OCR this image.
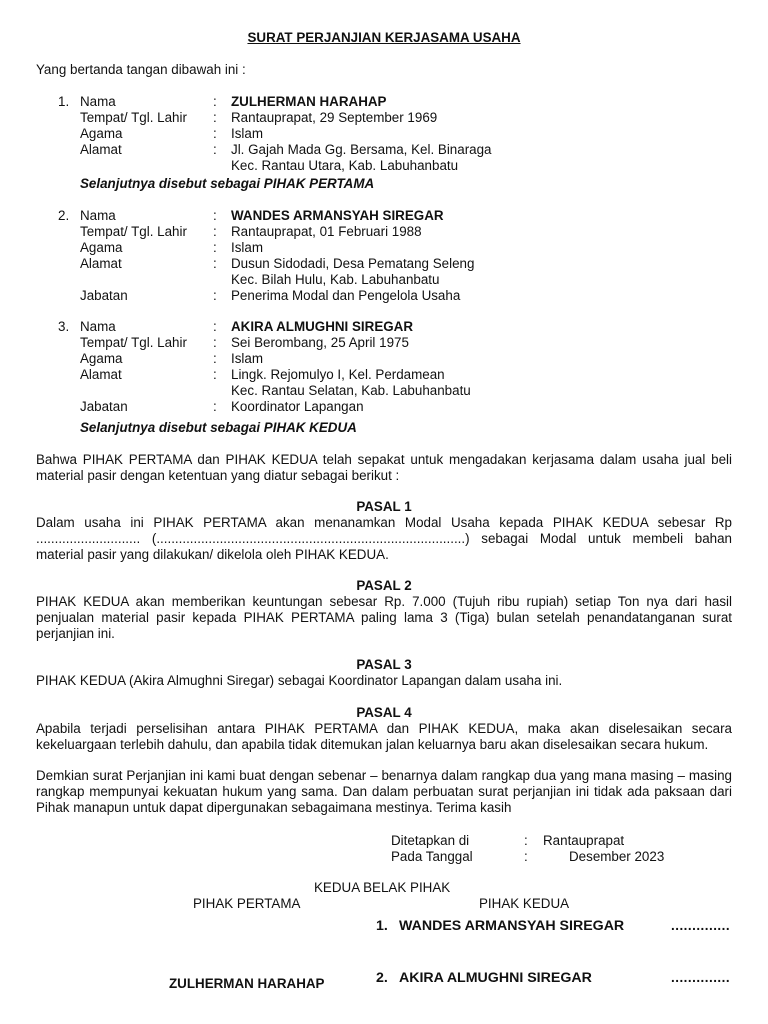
SURAT PERJANJIAN KERJASAMA USAHA
Yang bertanda tangan dibawah ini :
1. Nama	:	ZULHERMAN HARAHAP
Tempat/ Tgl. Lahir :	Rantauprapat, 29 September 1969
Agama	:	Islam
Alamat	:	Jl. Gajah Mada Gg. Bersama, Kel. Binaraga
Kec. Rantau Utara, Kab. Labuhanbatu
Selanjutnya disebut sebagai PIHAK PERTAMA
2. Nama	:	WANDES ARMANSYAH SIREGAR
Tempat/ Tgl. Lahir :	Rantauprapat, 01 Februari 1988
Agama	:	Islam
Alamat	:	Dusun Sidodadi, Desa Pematang Seleng
Kec. Bilah Hulu, Kab. Labuhanbatu
Jabatan	:	Penerima Modal dan Pengelola Usaha
3. Nama	:	AKIRA ALMUGHNI SIREGAR
Tempat/ Tgl. Lahir :	Sei Berombang, 25 April 1975
Agama	:	Islam
Alamat	:	Lingk. Rejomulyo I, Kel. Perdamean
Kec. Rantau Selatan, Kab. Labuhanbatu
Jabatan	:	Koordinator Lapangan
Selanjutnya disebut sebagai PIHAK KEDUA
Bahwa PIHAK PERTAMA dan PIHAK KEDUA telah sepakat untuk mengadakan kerjasama dalam usaha jual beli material pasir dengan ketentuan yang diatur sebagai berikut :
PASAL 1
Dalam usaha ini PIHAK PERTAMA akan menanamkan Modal Usaha kepada PIHAK KEDUA sebesar Rp ............................ (...................................................................................) sebagai Modal untuk membeli bahan material pasir yang dilakukan/ dikelola oleh PIHAK KEDUA.
PASAL 2
PIHAK KEDUA akan memberikan keuntungan sebesar Rp. 7.000 (Tujuh ribu rupiah) setiap Ton nya dari hasil penjualan material pasir kepada PIHAK PERTAMA paling lama 3 (Tiga) bulan setelah penandatanganan surat perjanjian ini.
PASAL 3
PIHAK KEDUA (Akira Almughni Siregar) sebagai Koordinator Lapangan dalam usaha ini.
PASAL 4
Apabila terjadi perselisihan antara PIHAK PERTAMA dan PIHAK KEDUA, maka akan diselesaikan secara kekeluargaan terlebih dahulu, dan apabila tidak ditemukan jalan keluarnya baru akan diselesaikan secara hukum.
Demkian surat Perjanjian ini kami buat dengan sebenar – benarnya dalam rangkap dua yang mana masing – masing rangkap mempunyai kekuatan hukum yang sama. Dan dalam perbuatan surat perjanjian ini tidak ada paksaan dari Pihak manapun untuk dapat dipergunakan sebagaimana mestinya. Terima kasih
Ditetapkan di	:	Rantauprapat
Pada Tanggal	:	Desember 2023
KEDUA BELAK PIHAK
PIHAK PERTAMA	PIHAK KEDUA
1. WANDES ARMANSYAH SIREGAR	..............
2. AKIRA ALMUGHNI SIREGAR	..............
ZULHERMAN HARAHAP
